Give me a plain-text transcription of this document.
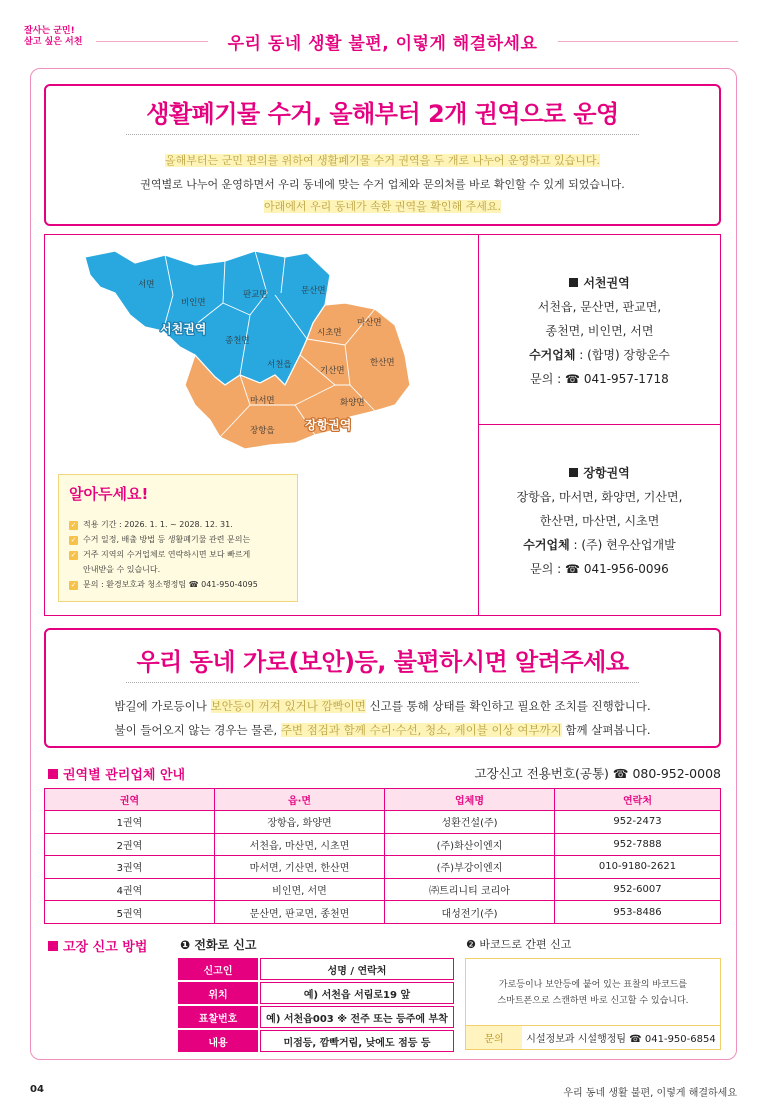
잘사는 군민!
살고 싶은 서천	우리 동네 생활 불편, 이렇게 해결하세요
생활폐기물 수거, 올해부터 2개 권역으로 운영
올해부터는 군민 편의를 위하여 생활폐기물 수거 권역을 두 개로 나누어 운영하고 있습니다.
권역별로 나누어 운영하면서 우리 동네에 맞는 수거 업체와 문의처를 바로 확인할 수 있게 되었습니다.
아래에서 우리 동네가 속한 권역을 확인해 주세요.
서면
비인면
판교면	문산면
종천면
시초면
마산면
서천읍
기산면
한산면
마서면	화양면
장항읍
서천권역
장항권역
서천권역
서천읍, 문산면, 판교면,
종천면, 비인면, 서면
수거업체 : (합명) 장항운수
문의 : ☎ 041-957-1718
장항권역
장항읍, 마서면, 화양면, 기산면,
한산면, 마산면, 시초면
수거업체 : (주) 현우산업개발
문의 : ☎ 041-956-0096
알아두세요!
✓ 적용 기간 : 2026. 1. 1. ~ 2028. 12. 31.
✓ 수거 일정, 배출 방법 등 생활폐기물 관련 문의는
✓ 거주 지역의 수거업체로 연락하시면 보다 빠르게
안내받을 수 있습니다.
✓ 문의 : 환경보호과 청소행정팀 ☎ 041-950-4095
우리 동네 가로(보안)등, 불편하시면 알려주세요
밤길에 가로등이나 보안등이 꺼져 있거나 깜빡이면 신고를 통해 상태를 확인하고 필요한 조치를 진행합니다.
불이 들어오지 않는 경우는 물론, 주변 점검과 함께 수리·수선, 청소, 케이블 이상 여부까지 함께 살펴봅니다.
권역별 관리업체 안내	고장신고 전용번호(공통) ☎ 080-952-0008
권역	읍·면	업체명	연락처
1권역	장항읍, 화양면	성환건설(주)	952-2473
2권역	서천읍, 마산면, 시초면	(주)화산이엔지	952-7888
3권역	마서면, 기산면, 한산면	(주)부강이엔지	010-9180-2621
4권역	비인면, 서면	㈜트리니티 코리아	952-6007
5권역	문산면, 판교면, 종천면	대성전기(주)	953-8486
고장 신고 방법	❶ 전화로 신고	❷ 바코드로 간편 신고
신고인	성명 / 연락처
위치	예) 서천읍 서림로19 앞
표찰번호	예) 서천읍003 ※ 전주 또는 등주에 부착
내용	미점등, 깜빡거림, 낮에도 점등 등
가로등이나 보안등에 붙어 있는 표찰의 바코드를
스마트폰으로 스캔하면 바로 신고할 수 있습니다.
문의	시설정보과 시설행정팀 ☎ 041-950-6854
04	우리 동네 생활 불편, 이렇게 해결하세요
